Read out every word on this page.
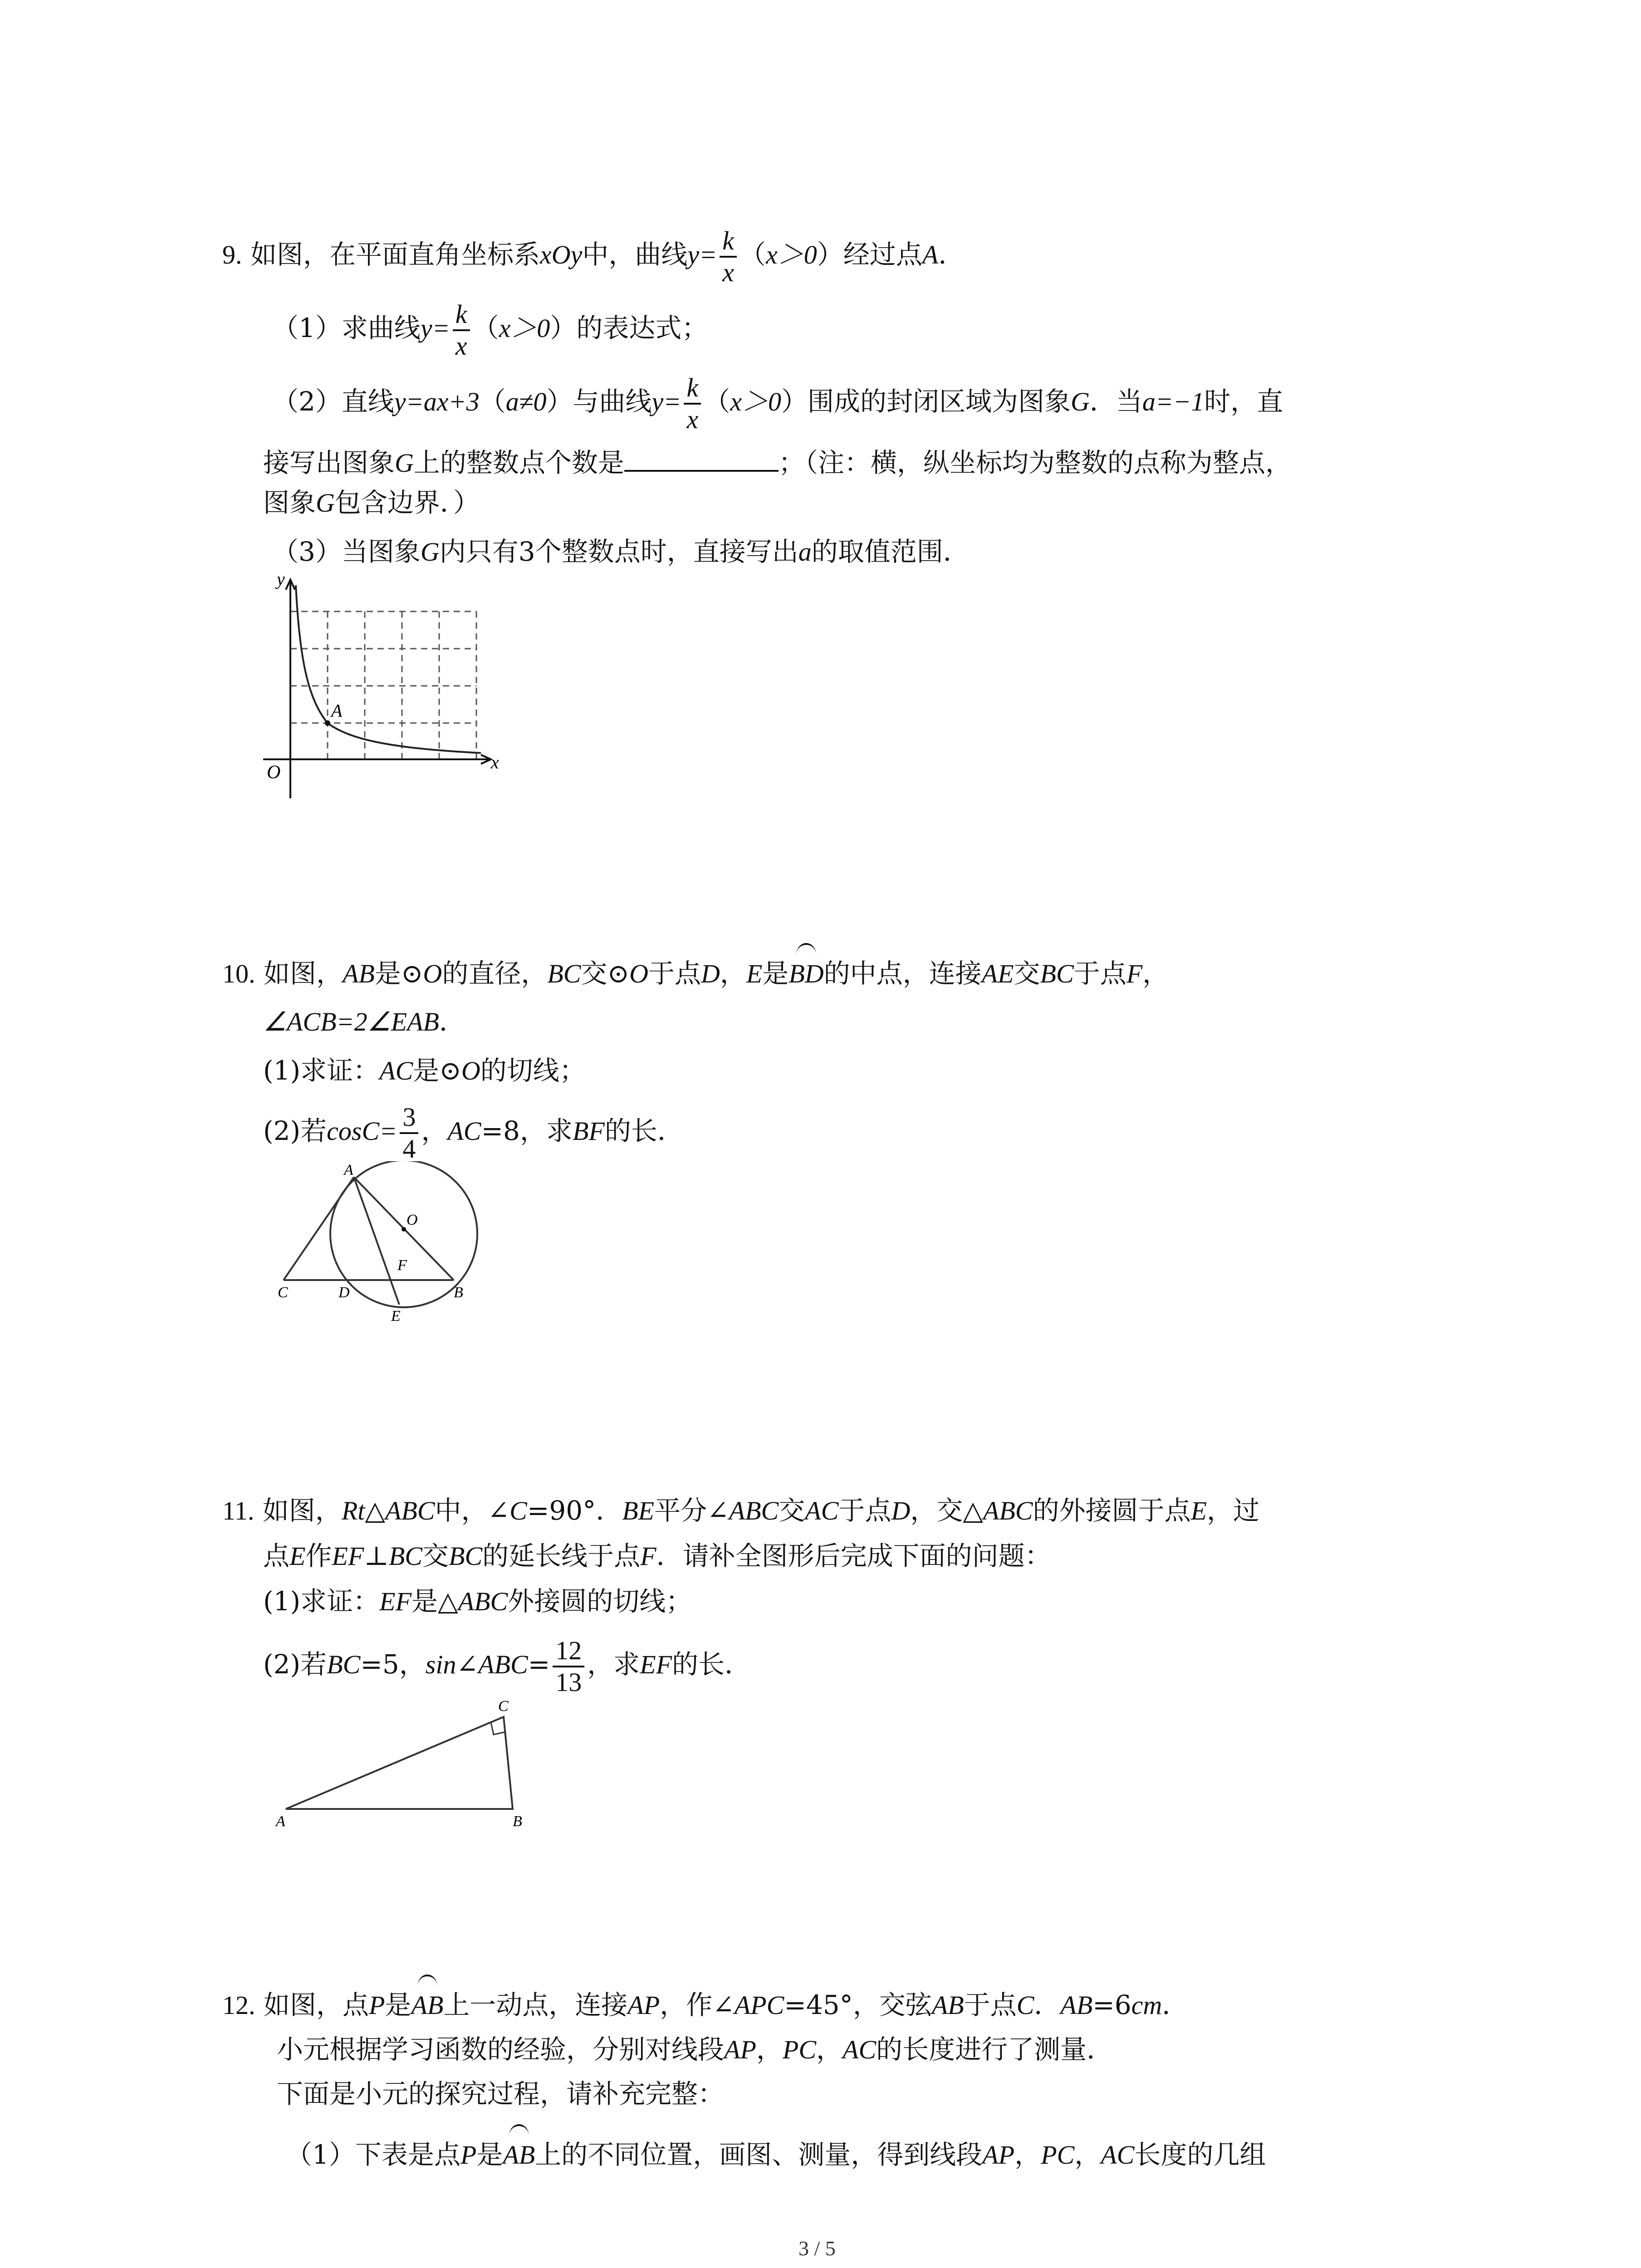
9. 如图，在平面直角坐标系xOy中，曲线$y= \frac{k}{x} (x>0)$经过点A．
（1）求曲线$y= \frac{k}{x} (x>0)$的表达式；
（2）直线y=ax+3（a≠0）与曲线$y= \frac{k}{x} (x>0)$围成的封闭区域为图象G．当a=−1时，直
接写出图象G上的整数点个数是	；（注：横，纵坐标均为整数的点称为整点，
图象G包含边界．）
（3）当图象G内只有3个整数点时，直接写出a的取值范围．
y
x
O
A
10. 如图，AB是⊙O的直径，BC交⊙O于点D，E是BD的中点，连接AE交BC于点F，
∠ACB=2∠EAB．
(1)求证：AC是⊙O的切线；
(2)若$\cos C= \frac{3}{4}$ ，AC=8，求BF的长．
A
O
F
C	D	B
E
11. 如图，Rt△ABC中，∠C=90°．BE平分∠ABC交AC于点D，交△ABC的外接圆于点E，过
点E作EF⊥BC交BC的延长线于点F．请补全图形后完成下面的问题：
(1)求证：EF是△ABC外接圆的切线；
(2)若BC=5，sin∠ABC= $\frac{12}{13}$ ，求EF的长．
C
A	B
12. 如图，点P是AB上一动点，连接AP，作∠APC=45°，交弦AB于点C．AB=6cm．
小元根据学习函数的经验，分别对线段AP，PC，AC的长度进行了测量．
下面是小元的探究过程，请补充完整：
（1）下表是点P是AB上的不同位置，画图、测量，得到线段AP，PC，AC长度的几组
3 / 5
